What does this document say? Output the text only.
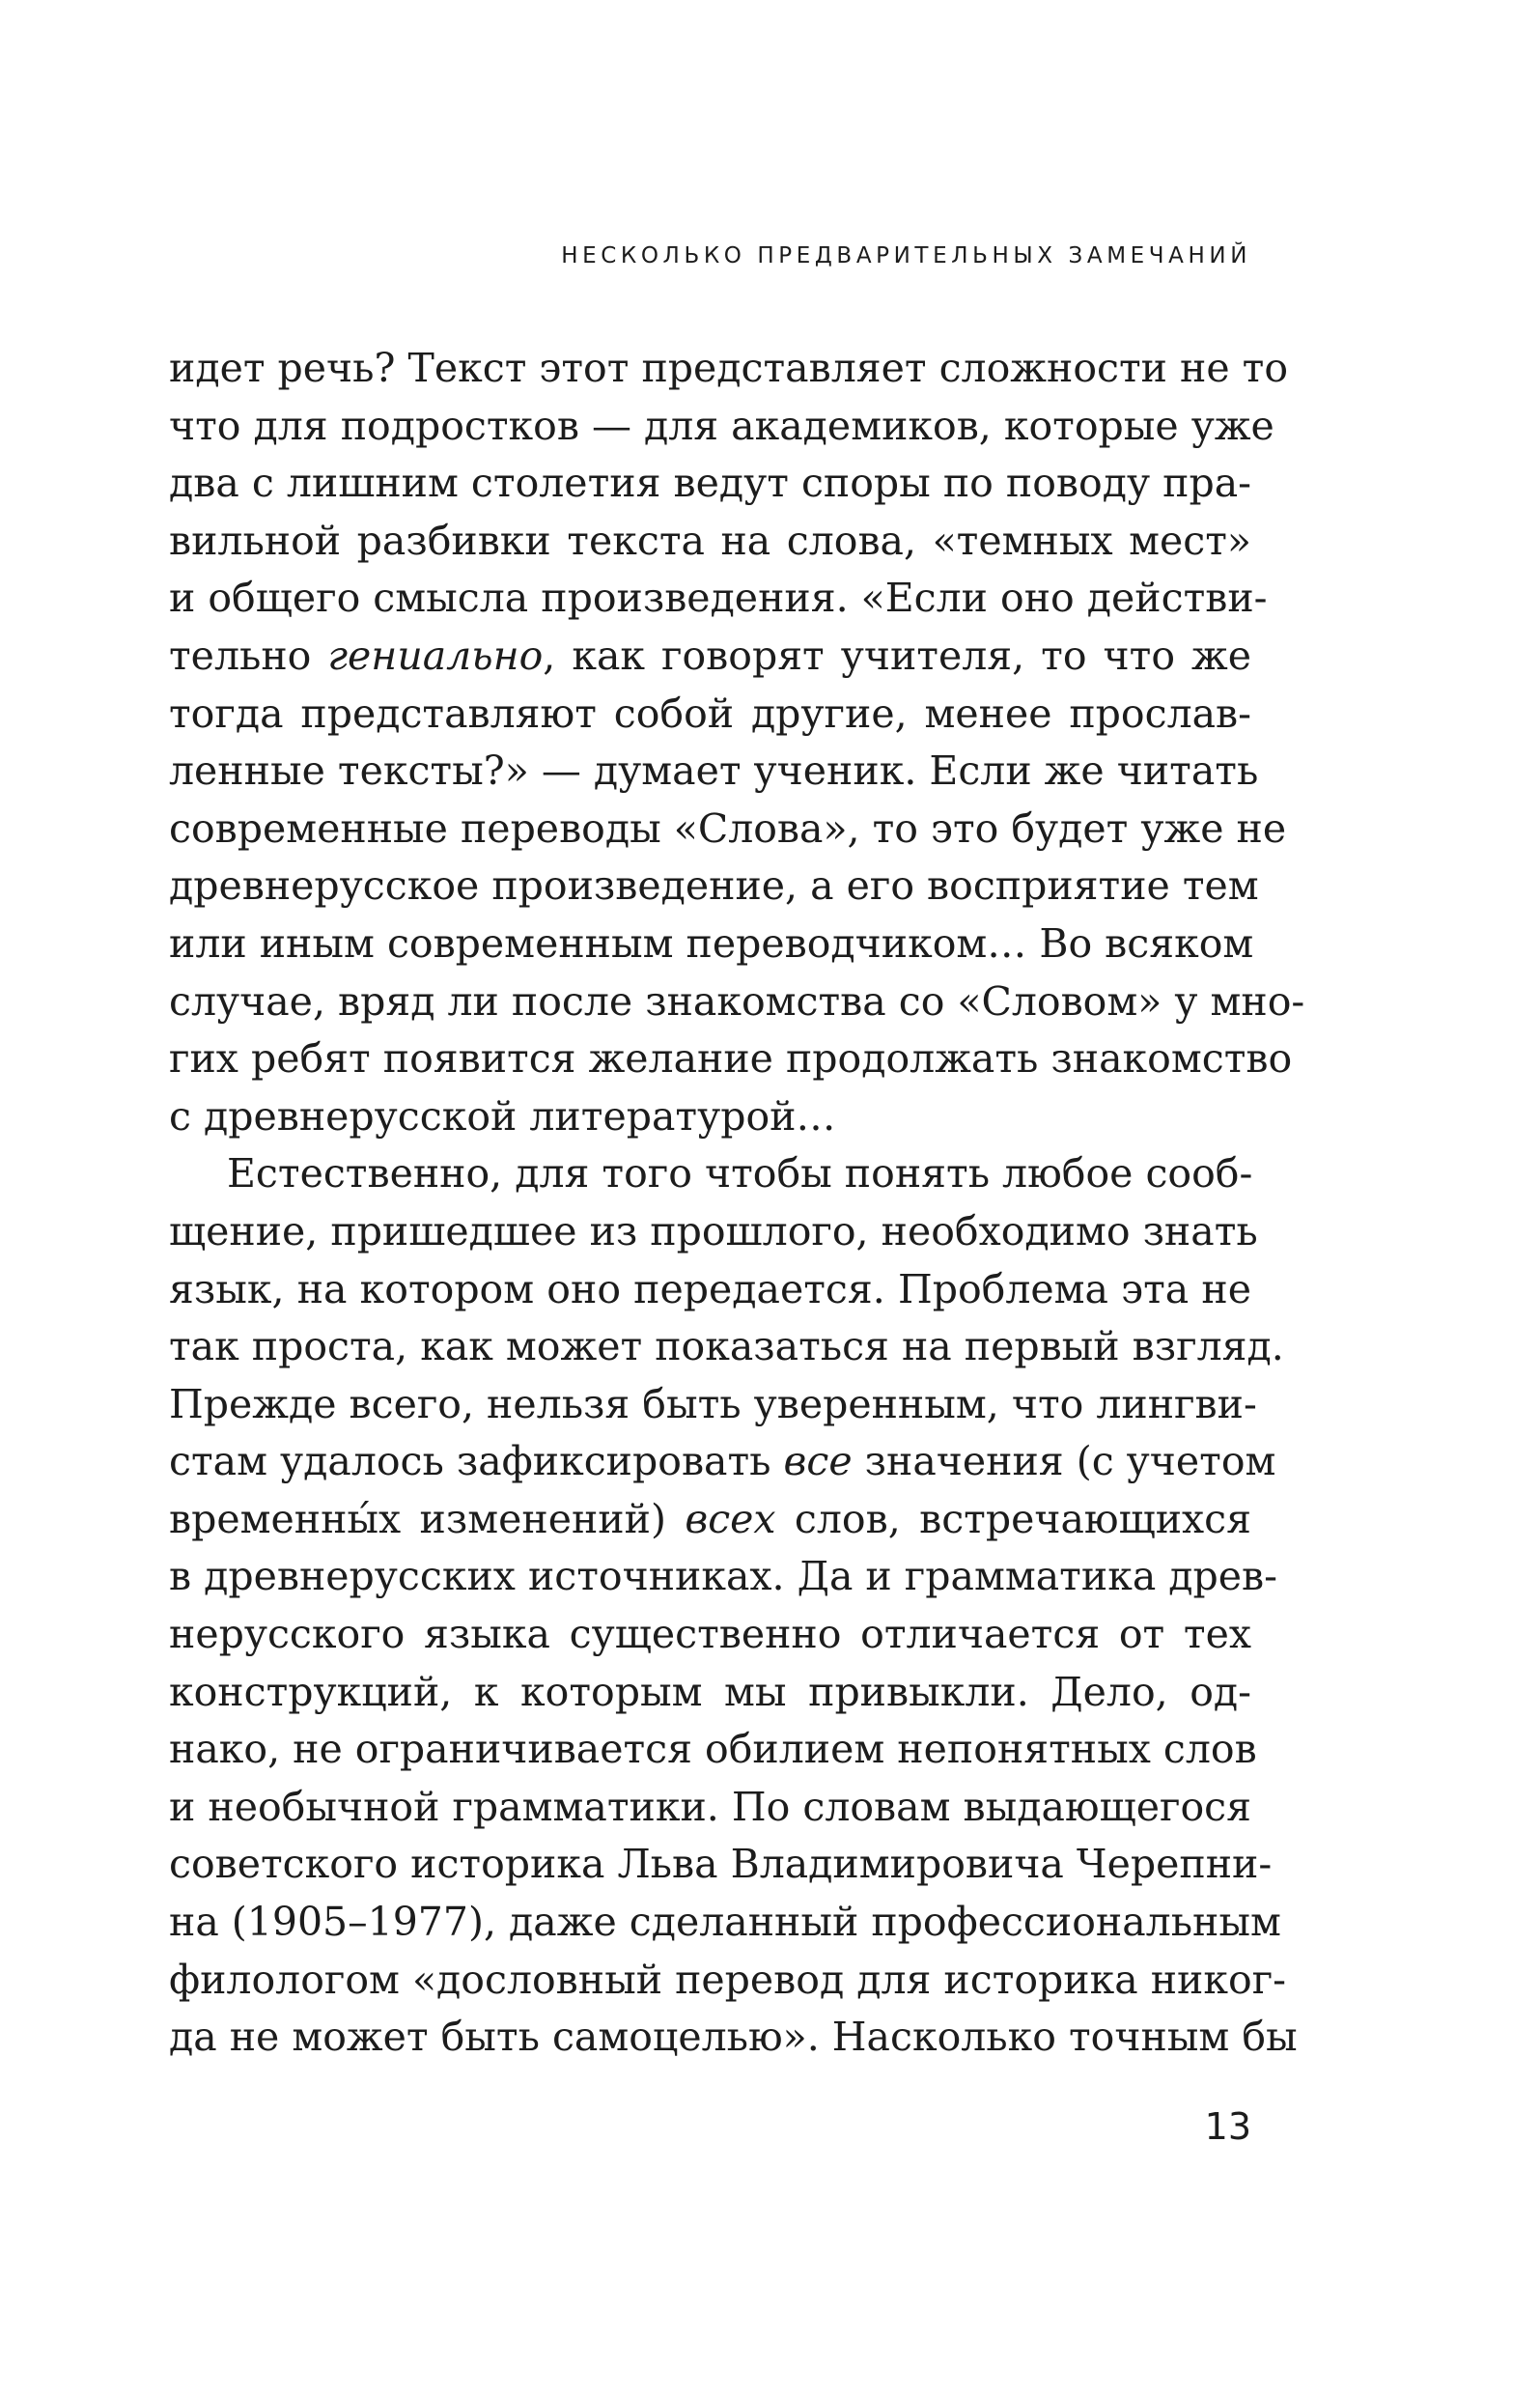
НЕСКОЛЬКО ПРЕДВАРИТЕЛЬНЫХ ЗАМЕЧАНИЙ
идет речь? Текст этот представляет сложности не то
что для подростков — для академиков, которые уже
два с лишним столетия ведут споры по поводу пра-
вильной разбивки текста на слова, «темных мест»
и общего смысла произведения. «Если оно действи-
тельно гениально, как говорят учителя, то что же
тогда представляют собой другие, менее прослав-
ленные тексты?» — думает ученик. Если же читать
современные переводы «Слова», то это будет уже не
древнерусское произведение, а его восприятие тем
или иным современным переводчиком… Во всяком
случае, вряд ли после знакомства со «Словом» у мно-
гих ребят появится желание продолжать знакомство
с древнерусской литературой…
Естественно, для того чтобы понять любое сооб-
щение, пришедшее из прошлого, необходимо знать
язык, на котором оно передается. Проблема эта не
так проста, как может показаться на первый взгляд.
Прежде всего, нельзя быть уверенным, что лингви-
стам удалось зафиксировать все значения (с учетом
временны́х изменений) всех слов, встречающихся
в древнерусских источниках. Да и грамматика древ-
нерусского языка существенно отличается от тех
конструкций, к которым мы привыкли. Дело, од-
нако, не ограничивается обилием непонятных слов
и необычной грамматики. По словам выдающегося
советского историка Льва Владимировича Черепни-
на (1905–1977), даже сделанный профессиональным
филологом «дословный перевод для историка никог-
да не может быть самоцелью». Насколько точным бы
13
